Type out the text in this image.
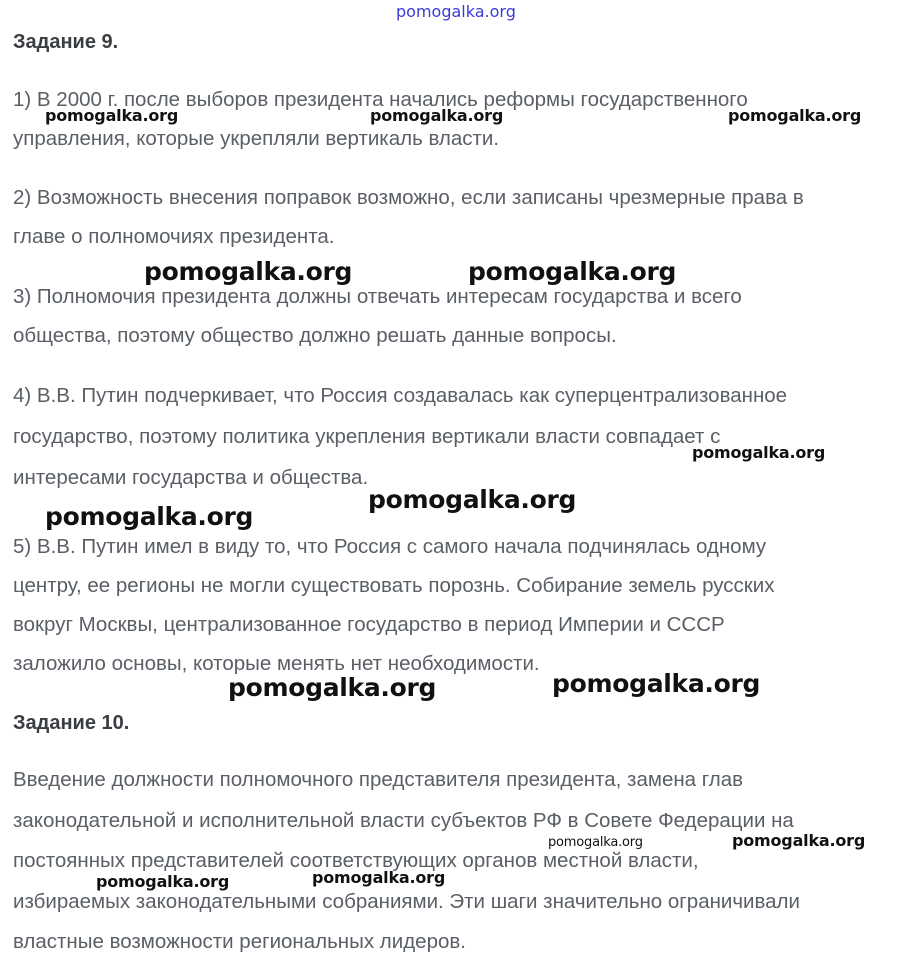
pomogalka.org
Задание 9.

1) В 2000 г. после выборов президента начались реформы государственного
управления, которые укрепляли вертикаль власти.

2) Возможность внесения поправок возможно, если записаны чрезмерные права в
главе о полномочиях президента.

3) Полномочия президента должны отвечать интересам государства и всего
общества, поэтому общество должно решать данные вопросы.

4) В.В. Путин подчеркивает, что Россия создавалась как суперцентрализованное
государство, поэтому политика укрепления вертикали власти совпадает с
интересами государства и общества.

5) В.В. Путин имел в виду то, что Россия с самого начала подчинялась одному
центру, ее регионы не могли существовать порознь. Собирание земель русских
вокруг Москвы, централизованное государство в период Империи и СССР
заложило основы, которые менять нет необходимости.

Задание 10.

Введение должности полномочного представителя президента, замена глав
законодательной и исполнительной власти субъектов РФ в Совете Федерации на
постоянных представителей соответствующих органов местной власти,
избираемых законодательными собраниями. Эти шаги значительно ограничивали
властные возможности региональных лидеров.

pomogalka.org	pomogalka.org	pomogalka.org
pomogalka.org	pomogalka.org
pomogalka.org
pomogalka.org
pomogalka.org
pomogalka.org	pomogalka.org
pomogalka.org
pomogalka.org
pomogalka.org	pomogalka.org
